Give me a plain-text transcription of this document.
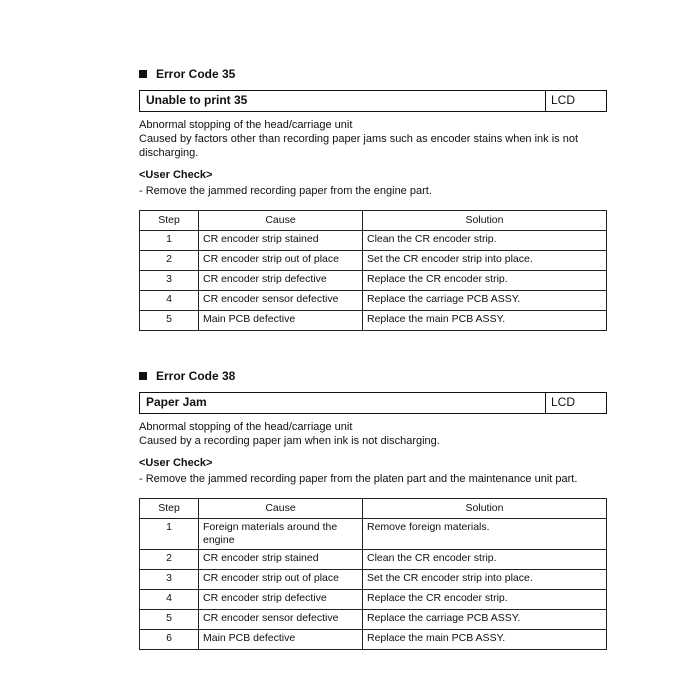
Error Code 35
Unable to print 35	LCD
Abnormal stopping of the head/carriage unit
Caused by factors other than recording paper jams such as encoder stains when ink is not
discharging.
<User Check>
- Remove the jammed recording paper from the engine part.
Step	Cause	Solution
1	CR encoder strip stained	Clean the CR encoder strip.
2	CR encoder strip out of place	Set the CR encoder strip into place.
3	CR encoder strip defective	Replace the CR encoder strip.
4	CR encoder sensor defective	Replace the carriage PCB ASSY.
5	Main PCB defective	Replace the main PCB ASSY.
Error Code 38
Paper Jam	LCD
Abnormal stopping of the head/carriage unit
Caused by a recording paper jam when ink is not discharging.
<User Check>
- Remove the jammed recording paper from the platen part and the maintenance unit part.
Step	Cause	Solution
1	Foreign materials around the engine	Remove foreign materials.
2	CR encoder strip stained	Clean the CR encoder strip.
3	CR encoder strip out of place	Set the CR encoder strip into place.
4	CR encoder strip defective	Replace the CR encoder strip.
5	CR encoder sensor defective	Replace the carriage PCB ASSY.
6	Main PCB defective	Replace the main PCB ASSY.
